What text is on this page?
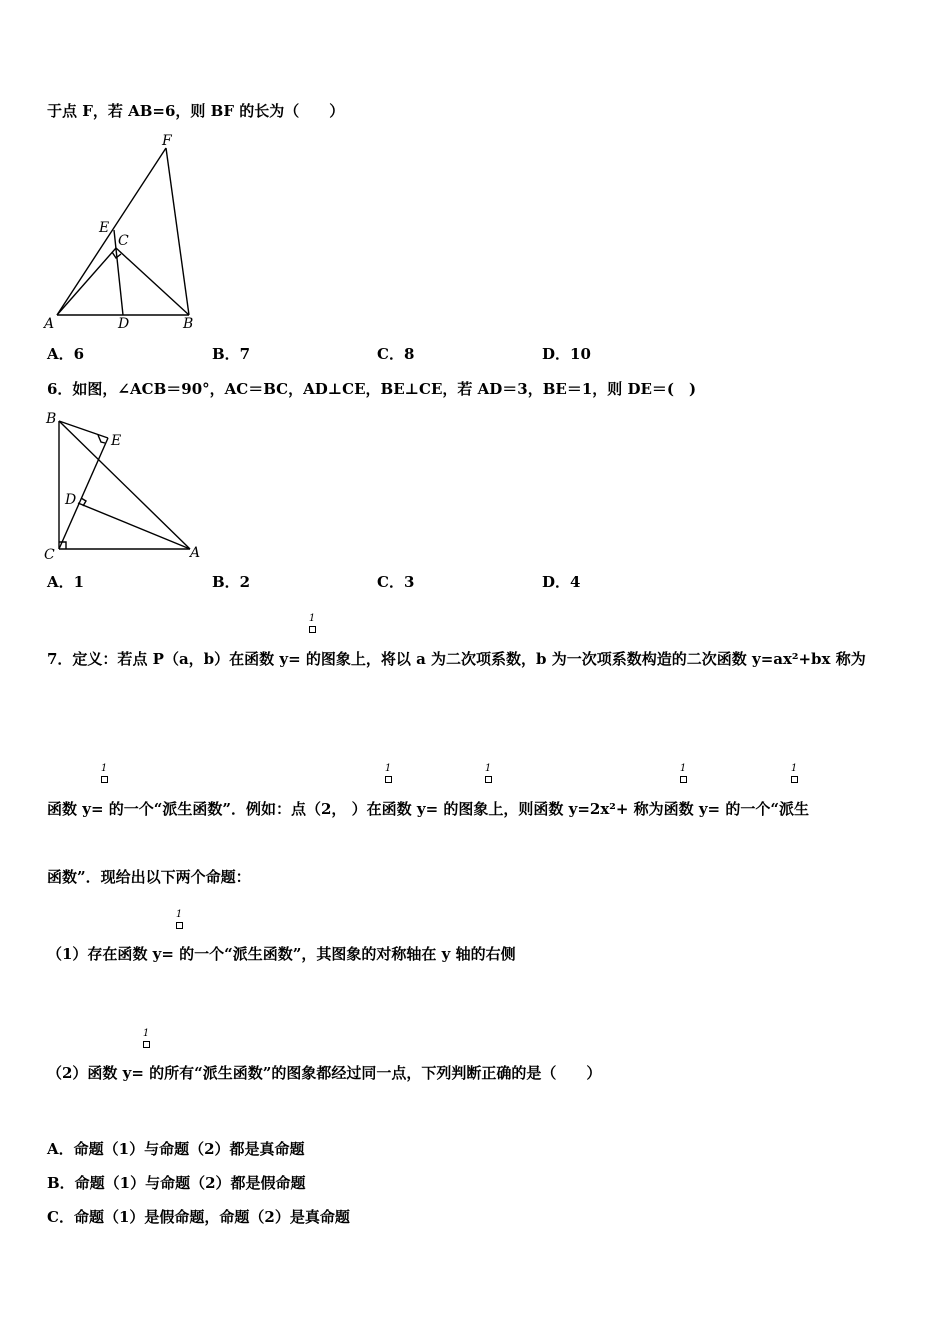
于点 F，若 AB=6，则 BF 的长为（　　）
F
E
C
A	D	B
A．6	B．7	C．8	D．10
6．如图，∠ACB＝90°，AC＝BC，AD⊥CE，BE⊥CE，若 AD＝3，BE＝1，则 DE＝(　)
B
E
D
C	A
A．1	B．2	C．3	D．4
1
7．定义：若点 P（a，b）在函数 y= 的图象上，将以 a 为二次项系数，b 为一次项系数构造的二次函数 y=ax²+bx 称为
1	1	1	1	1
函数 y= 的一个“派生函数”．例如：点（2， ）在函数 y= 的图象上，则函数 y=2x²+ 称为函数 y= 的一个“派生
函数”．现给出以下两个命题：
1
（1）存在函数 y= 的一个“派生函数”，其图象的对称轴在 y 轴的右侧
1
（2）函数 y= 的所有“派生函数”的图象都经过同一点，下列判断正确的是（　　）
A．命题（1）与命题（2）都是真命题
B．命题（1）与命题（2）都是假命题
C．命题（1）是假命题，命题（2）是真命题
